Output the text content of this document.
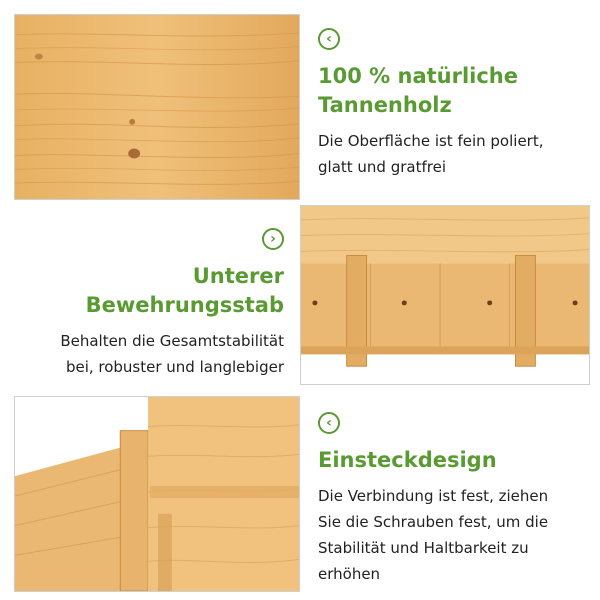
‹

100 % natürliche
Tannenholz

Die Oberfläche ist fein poliert,
glatt und gratfrei

›

Unterer
Bewehrungsstab

Behalten die Gesamtstabilität
bei, robuster und langlebiger

‹

Einsteckdesign

Die Verbindung ist fest, ziehen
Sie die Schrauben fest, um die
Stabilität und Haltbarkeit zu
erhöhen
